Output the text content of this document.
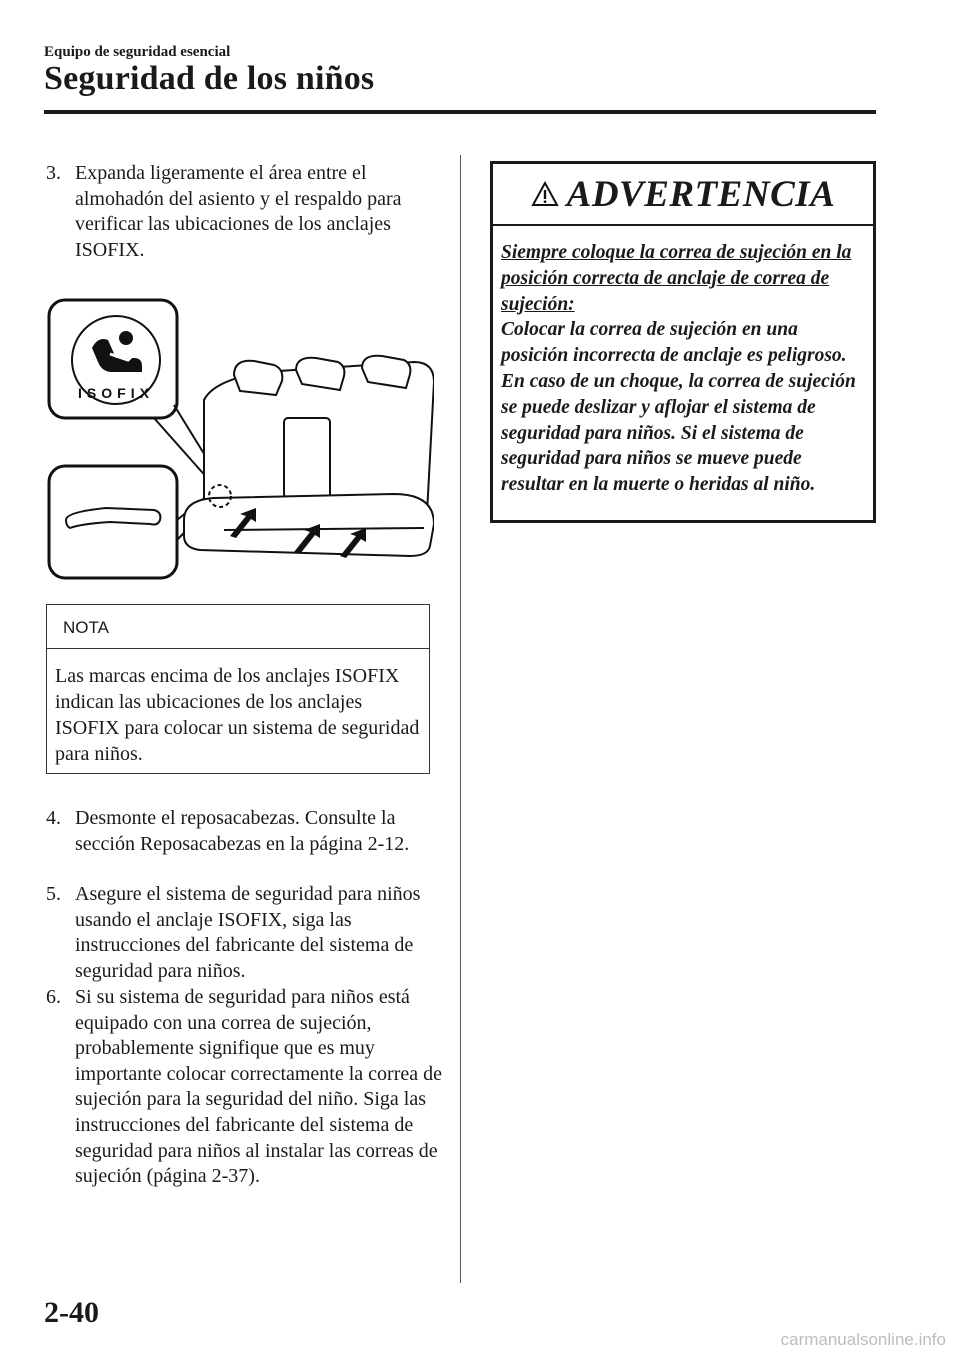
Equipo de seguridad esencial
Seguridad de los niños
3. Expanda ligeramente el área entre el almohadón del asiento y el respaldo para verificar las ubicaciones de los anclajes ISOFIX.
ISOFIX
NOTA
Las marcas encima de los anclajes ISOFIX indican las ubicaciones de los anclajes ISOFIX para colocar un sistema de seguridad para niños.
4. Desmonte el reposacabezas. Consulte la sección Reposacabezas en la página 2-12.
5. Asegure el sistema de seguridad para niños usando el anclaje ISOFIX, siga las instrucciones del fabricante del sistema de seguridad para niños.
6. Si su sistema de seguridad para niños está equipado con una correa de sujeción, probablemente signifique que es muy importante colocar correctamente la correa de sujeción para la seguridad del niño. Siga las instrucciones del fabricante del sistema de seguridad para niños al instalar las correas de sujeción (página 2-37).
ADVERTENCIA
Siempre coloque la correa de sujeción en la posición correcta de anclaje de correa de sujeción:
Colocar la correa de sujeción en una posición incorrecta de anclaje es peligroso. En caso de un choque, la correa de sujeción se puede deslizar y aflojar el sistema de seguridad para niños. Si el sistema de seguridad para niños se mueve puede resultar en la muerte o heridas al niño.
2-40
carmanualsonline.info
